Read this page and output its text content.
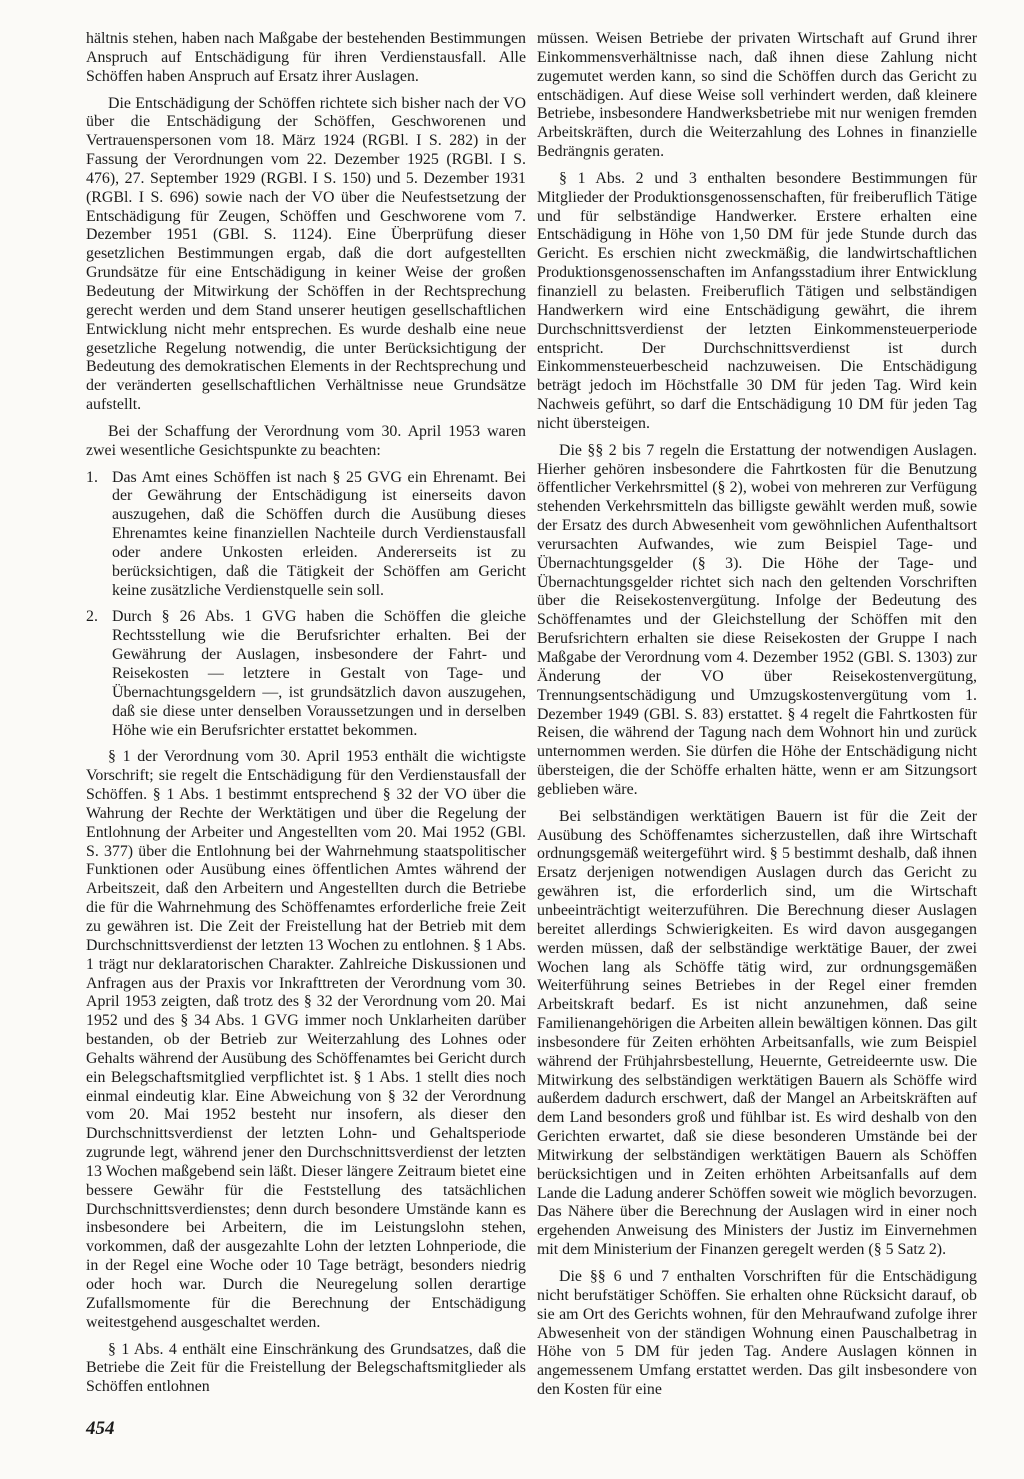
hältnis stehen, haben nach Maßgabe der bestehenden Bestimmungen Anspruch auf Entschädigung für ihren Verdienstausfall. Alle Schöffen haben Anspruch auf Ersatz ihrer Auslagen.

Die Entschädigung der Schöffen richtete sich bisher nach der VO über die Entschädigung der Schöffen, Geschworenen und Vertrauenspersonen vom 18. März 1924 (RGBl. I S. 282) in der Fassung der Verordnungen vom 22. Dezember 1925 (RGBl. I S. 476), 27. September 1929 (RGBl. I S. 150) und 5. Dezember 1931 (RGBl. I S. 696) sowie nach der VO über die Neufestsetzung der Entschädigung für Zeugen, Schöffen und Geschworene vom 7. Dezember 1951 (GBl. S. 1124). Eine Überprüfung dieser gesetzlichen Bestimmungen ergab, daß die dort aufgestellten Grundsätze für eine Entschädigung in keiner Weise der großen Bedeutung der Mitwirkung der Schöffen in der Rechtsprechung gerecht werden und dem Stand unserer heutigen gesellschaftlichen Entwicklung nicht mehr entsprechen. Es wurde deshalb eine neue gesetzliche Regelung notwendig, die unter Berücksichtigung der Bedeutung des demokratischen Elements in der Rechtsprechung und der veränderten gesellschaftlichen Verhältnisse neue Grundsätze aufstellt.

Bei der Schaffung der Verordnung vom 30. April 1953 waren zwei wesentliche Gesichtspunkte zu beachten:

1. Das Amt eines Schöffen ist nach § 25 GVG ein Ehrenamt. Bei der Gewährung der Entschädigung ist einerseits davon auszugehen, daß die Schöffen durch die Ausübung dieses Ehrenamtes keine finanziellen Nachteile durch Verdienstausfall oder andere Unkosten erleiden. Andererseits ist zu berücksichtigen, daß die Tätigkeit der Schöffen am Gericht keine zusätzliche Verdienstquelle sein soll.
2. Durch § 26 Abs. 1 GVG haben die Schöffen die gleiche Rechtsstellung wie die Berufsrichter erhalten. Bei der Gewährung der Auslagen, insbesondere der Fahrt- und Reisekosten — letztere in Gestalt von Tage- und Übernachtungsgeldern —, ist grundsätzlich davon auszugehen, daß sie diese unter denselben Voraussetzungen und in derselben Höhe wie ein Berufsrichter erstattet bekommen.

§ 1 der Verordnung vom 30. April 1953 enthält die wichtigste Vorschrift; sie regelt die Entschädigung für den Verdienstausfall der Schöffen. § 1 Abs. 1 bestimmt entsprechend § 32 der VO über die Wahrung der Rechte der Werktätigen und über die Regelung der Entlohnung der Arbeiter und Angestellten vom 20. Mai 1952 (GBl. S. 377) über die Entlohnung bei der Wahrnehmung staatspolitischer Funktionen oder Ausübung eines öffentlichen Amtes während der Arbeitszeit, daß den Arbeitern und Angestellten durch die Betriebe die für die Wahrnehmung des Schöffenamtes erforderliche freie Zeit zu gewähren ist. Die Zeit der Freistellung hat der Betrieb mit dem Durchschnittsverdienst der letzten 13 Wochen zu entlohnen. § 1 Abs. 1 trägt nur deklaratorischen Charakter. Zahlreiche Diskussionen und Anfragen aus der Praxis vor Inkrafttreten der Verordnung vom 30. April 1953 zeigten, daß trotz des § 32 der Verordnung vom 20. Mai 1952 und des § 34 Abs. 1 GVG immer noch Unklarheiten darüber bestanden, ob der Betrieb zur Weiterzahlung des Lohnes oder Gehalts während der Ausübung des Schöffenamtes bei Gericht durch ein Belegschaftsmitglied verpflichtet ist. § 1 Abs. 1 stellt dies noch einmal eindeutig klar. Eine Abweichung von § 32 der Verordnung vom 20. Mai 1952 besteht nur insofern, als dieser den Durchschnittsverdienst der letzten Lohn- und Gehaltsperiode zugrunde legt, während jener den Durchschnittsverdienst der letzten 13 Wochen maßgebend sein läßt. Dieser längere Zeitraum bietet eine bessere Gewähr für die Feststellung des tatsächlichen Durchschnittsverdienstes; denn durch besondere Umstände kann es insbesondere bei Arbeitern, die im Leistungslohn stehen, vorkommen, daß der ausgezahlte Lohn der letzten Lohnperiode, die in der Regel eine Woche oder 10 Tage beträgt, besonders niedrig oder hoch war. Durch die Neuregelung sollen derartige Zufallsmomente für die Berechnung der Entschädigung weitestgehend ausgeschaltet werden.

§ 1 Abs. 4 enthält eine Einschränkung des Grundsatzes, daß die Betriebe die Zeit für die Freistellung der Belegschaftsmitglieder als Schöffen entlohnen

müssen. Weisen Betriebe der privaten Wirtschaft auf Grund ihrer Einkommensverhältnisse nach, daß ihnen diese Zahlung nicht zugemutet werden kann, so sind die Schöffen durch das Gericht zu entschädigen. Auf diese Weise soll verhindert werden, daß kleinere Betriebe, insbesondere Handwerksbetriebe mit nur wenigen fremden Arbeitskräften, durch die Weiterzahlung des Lohnes in finanzielle Bedrängnis geraten.

§ 1 Abs. 2 und 3 enthalten besondere Bestimmungen für Mitglieder der Produktionsgenossenschaften, für freiberuflich Tätige und für selbständige Handwerker. Erstere erhalten eine Entschädigung in Höhe von 1,50 DM für jede Stunde durch das Gericht. Es erschien nicht zweckmäßig, die landwirtschaftlichen Produktionsgenossenschaften im Anfangsstadium ihrer Entwicklung finanziell zu belasten. Freiberuflich Tätigen und selbständigen Handwerkern wird eine Entschädigung gewährt, die ihrem Durchschnittsverdienst der letzten Einkommensteuerperiode entspricht. Der Durchschnittsverdienst ist durch Einkommensteuerbescheid nachzuweisen. Die Entschädigung beträgt jedoch im Höchstfalle 30 DM für jeden Tag. Wird kein Nachweis geführt, so darf die Entschädigung 10 DM für jeden Tag nicht übersteigen.

Die §§ 2 bis 7 regeln die Erstattung der notwendigen Auslagen. Hierher gehören insbesondere die Fahrtkosten für die Benutzung öffentlicher Verkehrsmittel (§ 2), wobei von mehreren zur Verfügung stehenden Verkehrsmitteln das billigste gewählt werden muß, sowie der Ersatz des durch Abwesenheit vom gewöhnlichen Aufenthaltsort verursachten Aufwandes, wie zum Beispiel Tage- und Übernachtungsgelder (§ 3). Die Höhe der Tage- und Übernachtungsgelder richtet sich nach den geltenden Vorschriften über die Reisekostenvergütung. Infolge der Bedeutung des Schöffenamtes und der Gleichstellung der Schöffen mit den Berufsrichtern erhalten sie diese Reisekosten der Gruppe I nach Maßgabe der Verordnung vom 4. Dezember 1952 (GBl. S. 1303) zur Änderung der VO über Reisekostenvergütung, Trennungsentschädigung und Umzugskostenvergütung vom 1. Dezember 1949 (GBl. S. 83) erstattet. § 4 regelt die Fahrtkosten für Reisen, die während der Tagung nach dem Wohnort hin und zurück unternommen werden. Sie dürfen die Höhe der Entschädigung nicht übersteigen, die der Schöffe erhalten hätte, wenn er am Sitzungsort geblieben wäre.

Bei selbständigen werktätigen Bauern ist für die Zeit der Ausübung des Schöffenamtes sicherzustellen, daß ihre Wirtschaft ordnungsgemäß weitergeführt wird. § 5 bestimmt deshalb, daß ihnen Ersatz derjenigen notwendigen Auslagen durch das Gericht zu gewähren ist, die erforderlich sind, um die Wirtschaft unbeeinträchtigt weiterzuführen. Die Berechnung dieser Auslagen bereitet allerdings Schwierigkeiten. Es wird davon ausgegangen werden müssen, daß der selbständige werktätige Bauer, der zwei Wochen lang als Schöffe tätig wird, zur ordnungsgemäßen Weiterführung seines Betriebes in der Regel einer fremden Arbeitskraft bedarf. Es ist nicht anzunehmen, daß seine Familienangehörigen die Arbeiten allein bewältigen können. Das gilt insbesondere für Zeiten erhöhten Arbeitsanfalls, wie zum Beispiel während der Frühjahrsbestellung, Heuernte, Getreideernte usw. Die Mitwirkung des selbständigen werktätigen Bauern als Schöffe wird außerdem dadurch erschwert, daß der Mangel an Arbeitskräften auf dem Land besonders groß und fühlbar ist. Es wird deshalb von den Gerichten erwartet, daß sie diese besonderen Umstände bei der Mitwirkung der selbständigen werktätigen Bauern als Schöffen berücksichtigen und in Zeiten erhöhten Arbeitsanfalls auf dem Lande die Ladung anderer Schöffen soweit wie möglich bevorzugen. Das Nähere über die Berechnung der Auslagen wird in einer noch ergehenden Anweisung des Ministers der Justiz im Einvernehmen mit dem Ministerium der Finanzen geregelt werden (§ 5 Satz 2).

Die §§ 6 und 7 enthalten Vorschriften für die Entschädigung nicht berufstätiger Schöffen. Sie erhalten ohne Rücksicht darauf, ob sie am Ort des Gerichts wohnen, für den Mehraufwand zufolge ihrer Abwesenheit von der ständigen Wohnung einen Pauschalbetrag in Höhe von 5 DM für jeden Tag. Andere Auslagen können in angemessenem Umfang erstattet werden. Das gilt insbesondere von den Kosten für eine

454
